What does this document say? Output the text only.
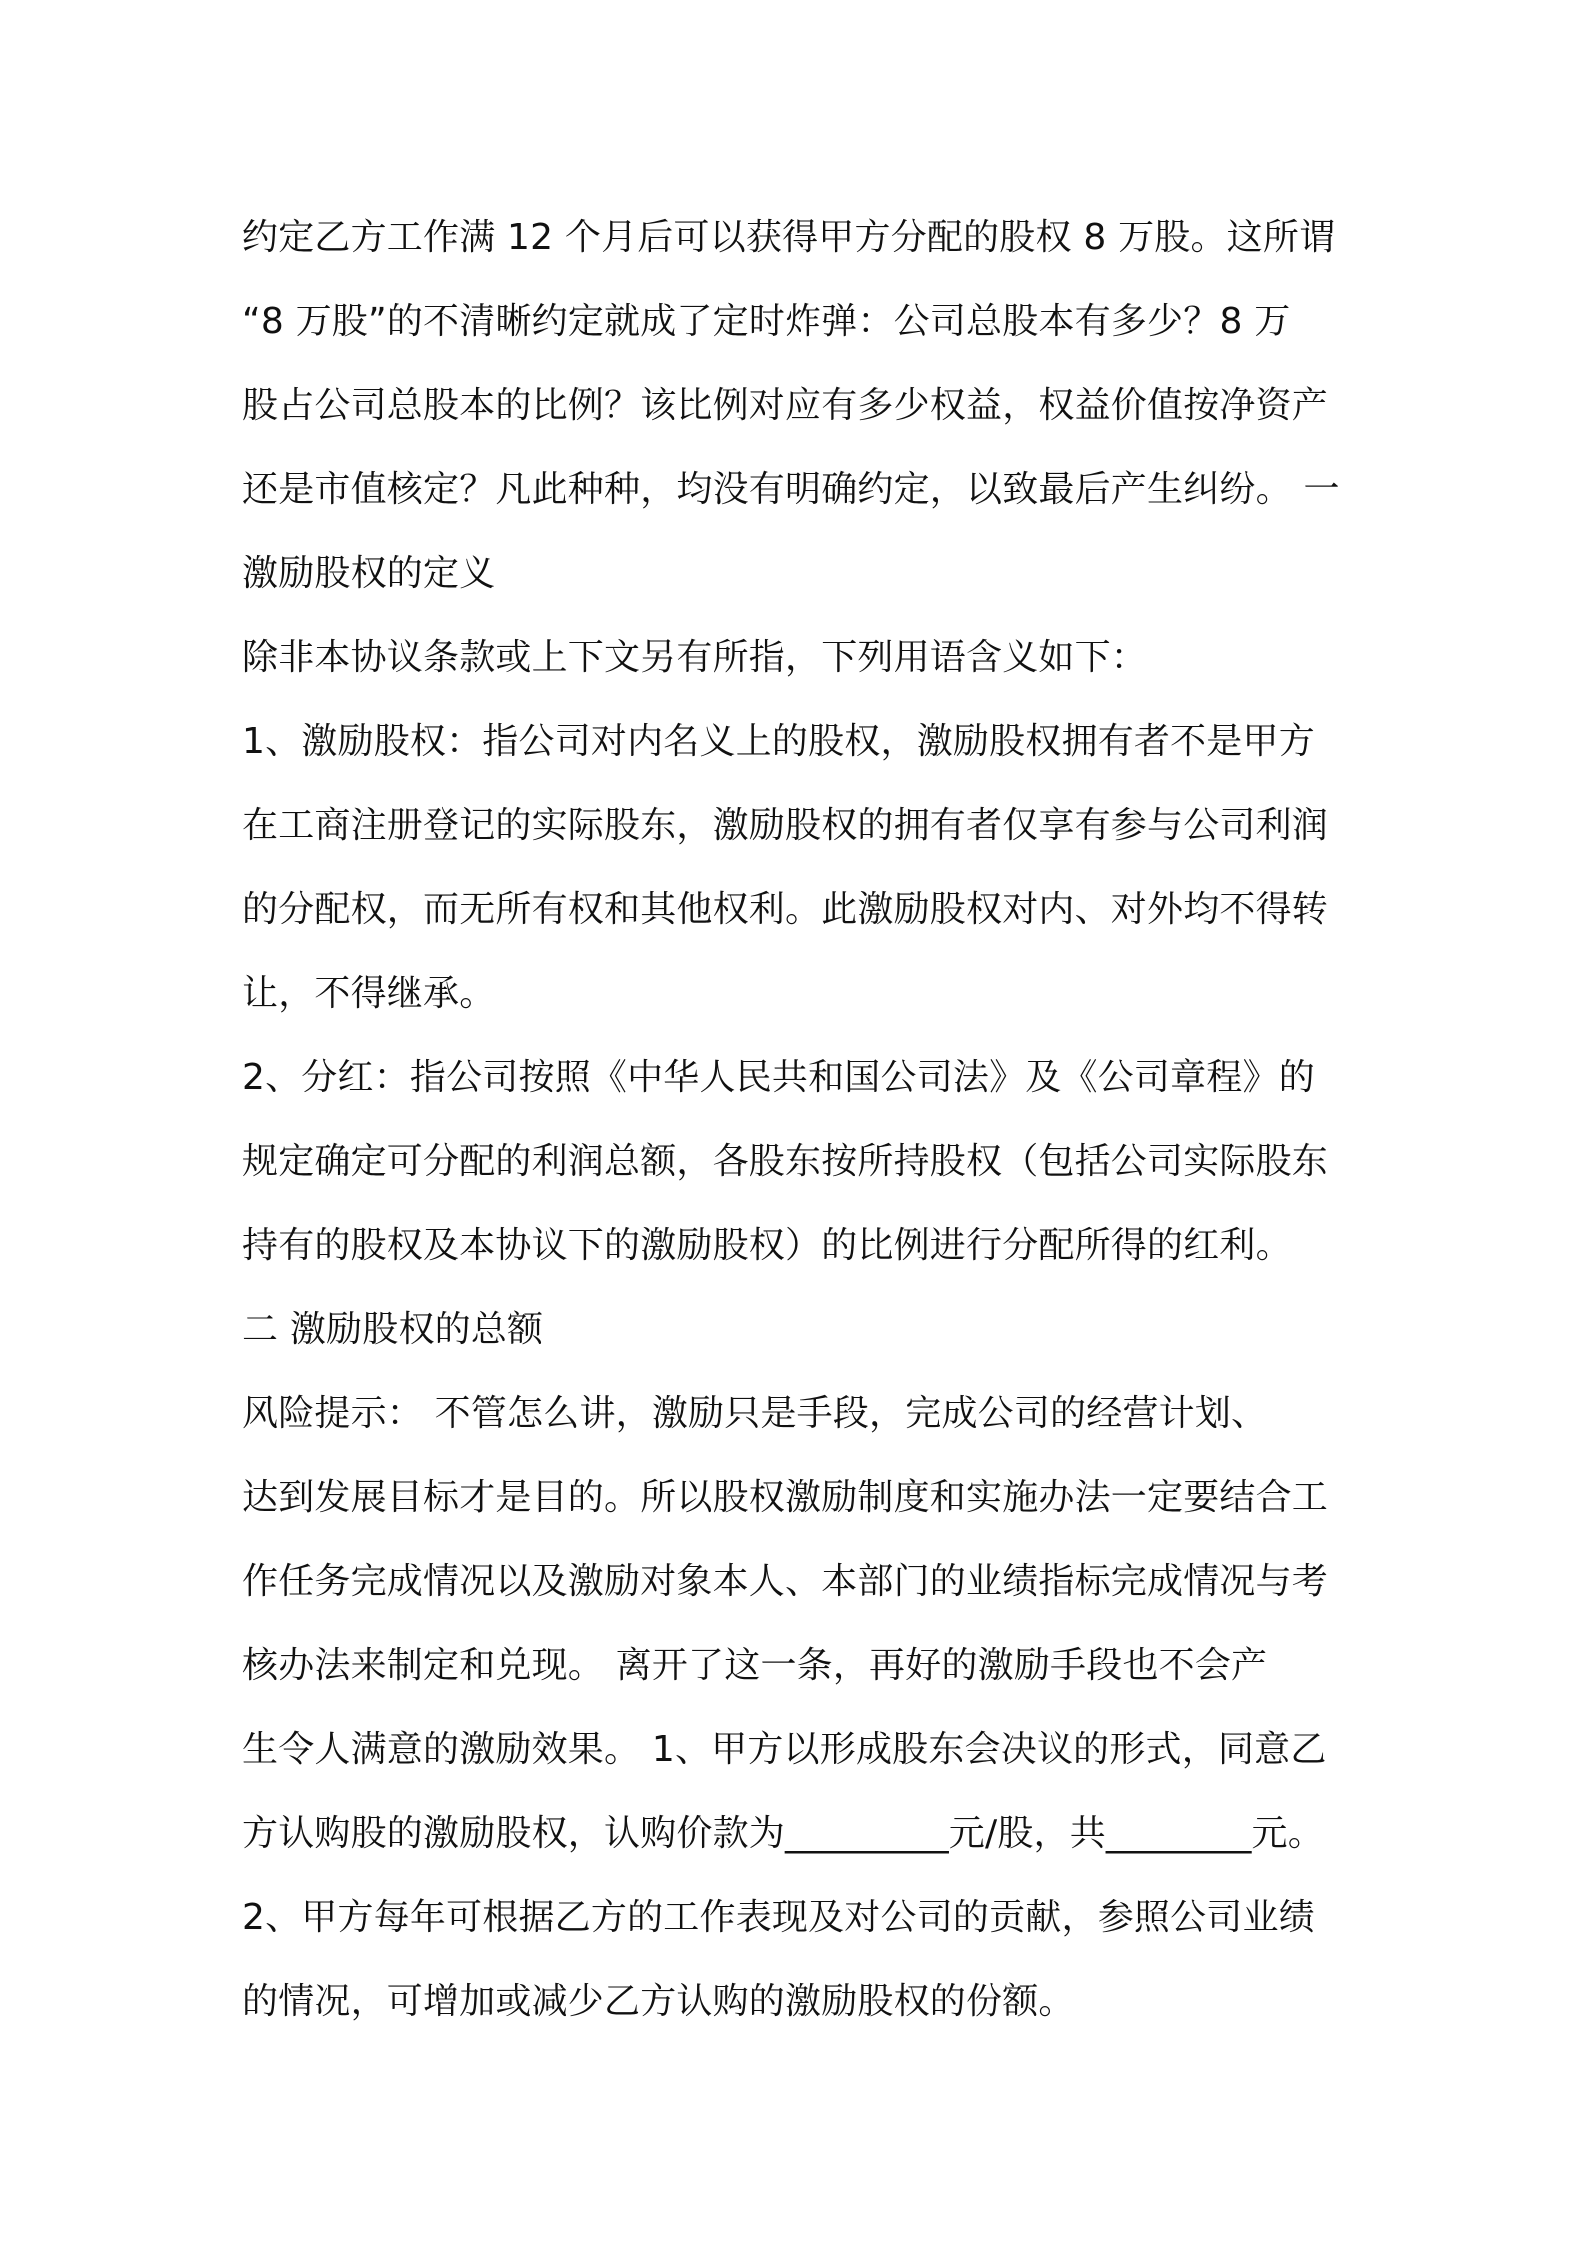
约定乙方工作满 12 个月后可以获得甲方分配的股权 8 万股。这所谓
“8 万股”的不清晰约定就成了定时炸弹：公司总股本有多少？8 万
股占公司总股本的比例？该比例对应有多少权益，权益价值按净资产
还是市值核定？凡此种种，均没有明确约定，以致最后产生纠纷。 一
激励股权的定义
除非本协议条款或上下文另有所指，下列用语含义如下：
1、激励股权：指公司对内名义上的股权，激励股权拥有者不是甲方
在工商注册登记的实际股东，激励股权的拥有者仅享有参与公司利润
的分配权，而无所有权和其他权利。此激励股权对内、对外均不得转
让，不得继承。
2、分红：指公司按照《中华人民共和国公司法》及《公司章程》的
规定确定可分配的利润总额，各股东按所持股权（包括公司实际股东
持有的股权及本协议下的激励股权）的比例进行分配所得的红利。
二 激励股权的总额
风险提示： 不管怎么讲，激励只是手段，完成公司的经营计划、
达到发展目标才是目的。所以股权激励制度和实施办法一定要结合工
作任务完成情况以及激励对象本人、本部门的业绩指标完成情况与考
核办法来制定和兑现。 离开了这一条，再好的激励手段也不会产
生令人满意的激励效果。 1、甲方以形成股东会决议的形式，同意乙
方认购股的激励股权，认购价款为_________元/股，共________元。
2、甲方每年可根据乙方的工作表现及对公司的贡献，参照公司业绩
的情况，可增加或减少乙方认购的激励股权的份额。
